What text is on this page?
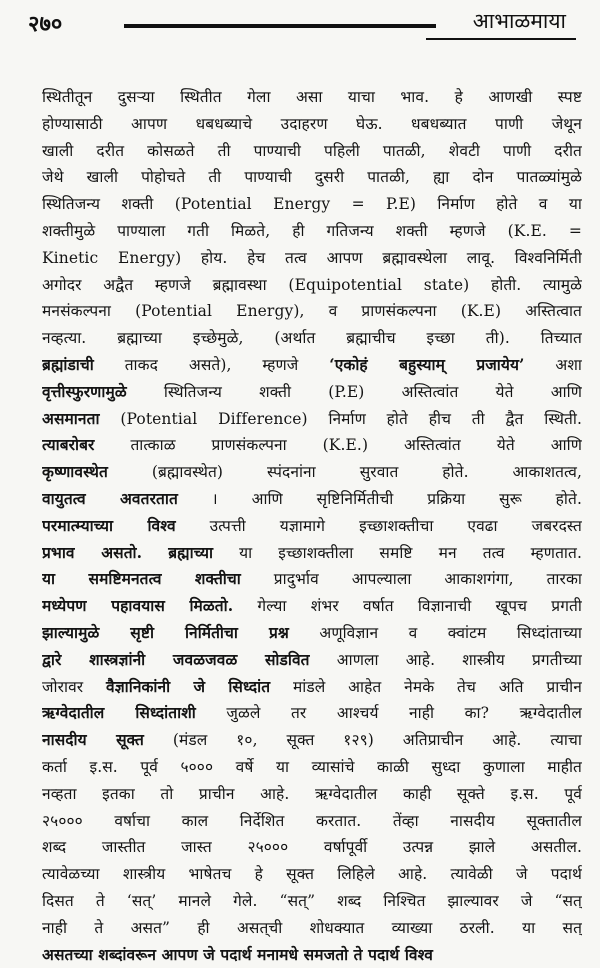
२७०	आभाळमाया
स्थितीतून दुसऱ्या स्थितीत गेला असा याचा भाव. हे आणखी स्पष्ट
होण्यासाठी आपण धबधब्याचे उदाहरण घेऊ. धबधब्यात पाणी जेथून
खाली दरीत कोसळते ती पाण्याची पहिली पातळी, शेवटी पाणी दरीत
जेथे खाली पोहोचते ती पाण्याची दुसरी पातळी, ह्या दोन पातळ्यांमुळे
स्थितिजन्य शक्ती (Potential Energy = P.E) निर्माण होते व या
शक्तीमुळे पाण्याला गती मिळते, ही गतिजन्य शक्ती म्हणजे (K.E. =
Kinetic Energy) होय. हेच तत्व आपण ब्रह्मावस्थेला लावू. विश्वनिर्मिती
अगोदर अद्वैत म्हणजे ब्रह्मावस्था (Equipotential state) होती. त्यामुळे
मनसंकल्पना (Potential Energy), व प्राणसंकल्पना (K.E) अस्तित्वात
नव्हत्या. ब्रह्माच्या इच्छेमुळे, (अर्थात ब्रह्माचीच इच्छा ती). तिच्यात
ब्रह्मांडाची ताकद असते), म्हणजे ‘एकोहं बहुस्याम् प्रजायेय’ अशा
वृत्तीस्फुरणामुळे स्थितिजन्य शक्ती (P.E) अस्तित्वांत येते आणि
असमानता (Potential Difference) निर्माण होते हीच ती द्वैत स्थिती.
त्याबरोबर तात्काळ प्राणसंकल्पना (K.E.) अस्तित्वांत येते आणि
कृष्णावस्थेत (ब्रह्मावस्थेत) स्पंदनांना सुरवात होते. आकाशतत्व,
वायुतत्व अवतरतात । आणि सृष्टिनिर्मितीची प्रक्रिया सुरू होते.
परमात्म्याच्या विश्व उत्पत्ती यज्ञामागे इच्छाशक्तीचा एवढा जबरदस्त
प्रभाव असतो. ब्रह्माच्या या इच्छाशक्तीला समष्टि मन तत्व म्हणतात.
या समष्टिमनतत्व शक्तीचा प्रादुर्भाव आपल्याला आकाशगंगा, तारका
मध्येपण पहावयास मिळतो. गेल्या शंभर वर्षात विज्ञानाची खूपच प्रगती
झाल्यामुळे सृष्टी निर्मितीचा प्रश्न अणूविज्ञान व क्वांटम सिध्दांताच्या
द्वारे शास्त्रज्ञांनी जवळजवळ सोडवित आणला आहे. शास्त्रीय प्रगतीच्या
जोरावर वैज्ञानिकांनी जे सिध्दांत मांडले आहेत नेमके तेच अति प्राचीन
ऋग्वेदातील सिध्दांताशी जुळले तर आश्चर्य नाही का? ऋग्वेदातील
नासदीय सूक्त (मंडल १०, सूक्त १२९) अतिप्राचीन आहे. त्याचा
कर्ता इ.स. पूर्व ५००० वर्षे या व्यासांचे काळी सुध्दा कुणाला माहीत
नव्हता इतका तो प्राचीन आहे. ऋग्वेदातील काही सूक्ते इ.स. पूर्व
२५००० वर्षाचा काल निर्देशित करतात. तेंव्हा नासदीय सूक्तातील
शब्द जास्तीत जास्त २५००० वर्षापूर्वी उत्पन्न झाले असतील.
त्यावेळच्या शास्त्रीय भाषेतच हे सूक्त लिहिले आहे. त्यावेळी जे पदार्थ
दिसत ते ‘सत्’ मानले गेले. “सत्” शब्द निश्चित झाल्यावर जे “सत्
नाही ते असत” ही असत्‌ची शोधक्यात व्याख्या ठरली. या सत्
असतच्या शब्दांवरून आपण जे पदार्थ मनामधे समजतो ते पदार्थ विश्व
